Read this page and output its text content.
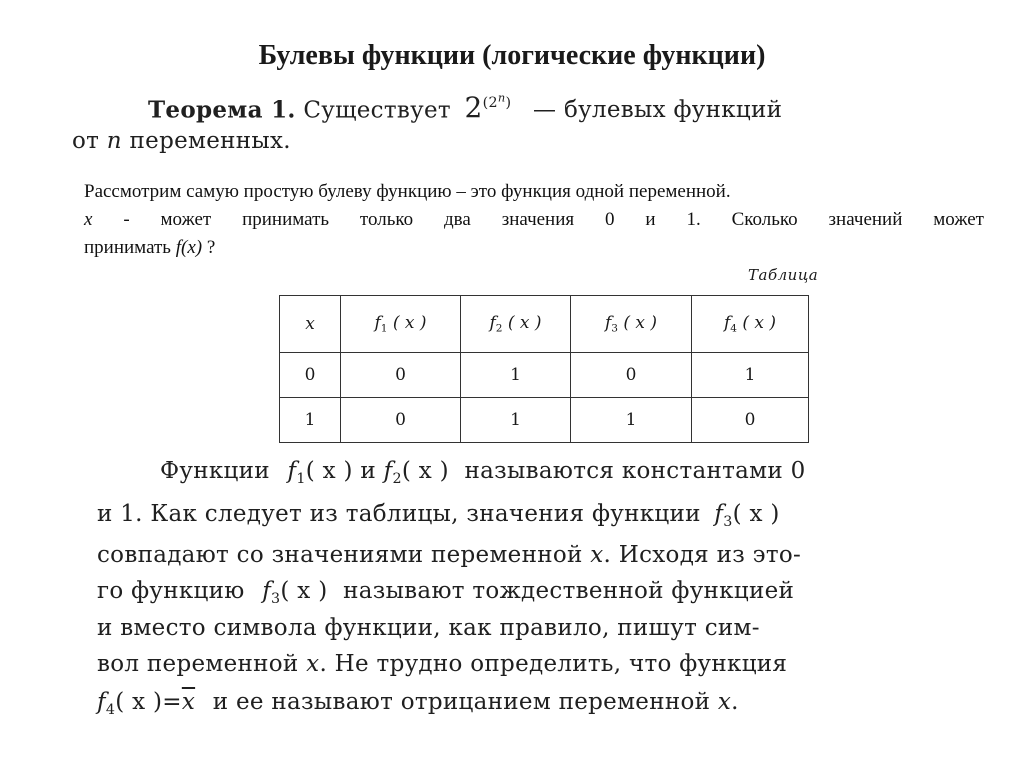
Булевы функции (логические функции)
Теорема 1. Существует $2^{(2^n)}$ — булевых функций
от n переменных.
Рассмотрим самую простую булеву функцию – это функция одной переменной.
x - может принимать только два значения 0 и 1. Сколько значений может
принимать f(x) ?
Таблица
x	$f_1$ ( x )	$f_2$ ( x )	$f_3$ ( x )	$f_4$ ( x )
0	0	1	0	1
1	0	1	1	0
Функции $f_1$( x ) и $f_2$( x ) называются константами 0
и 1. Как следует из таблицы, значения функции $f_3$( x )
совпадают со значениями переменной x. Исходя из это-
го функцию $f_3$( x ) называют тождественной функцией
и вместо символа функции, как правило, пишут сим-
вол переменной x. Не трудно определить, что функция
$f_4$( x )$=\overline{x}$ и ее называют отрицанием переменной x.
